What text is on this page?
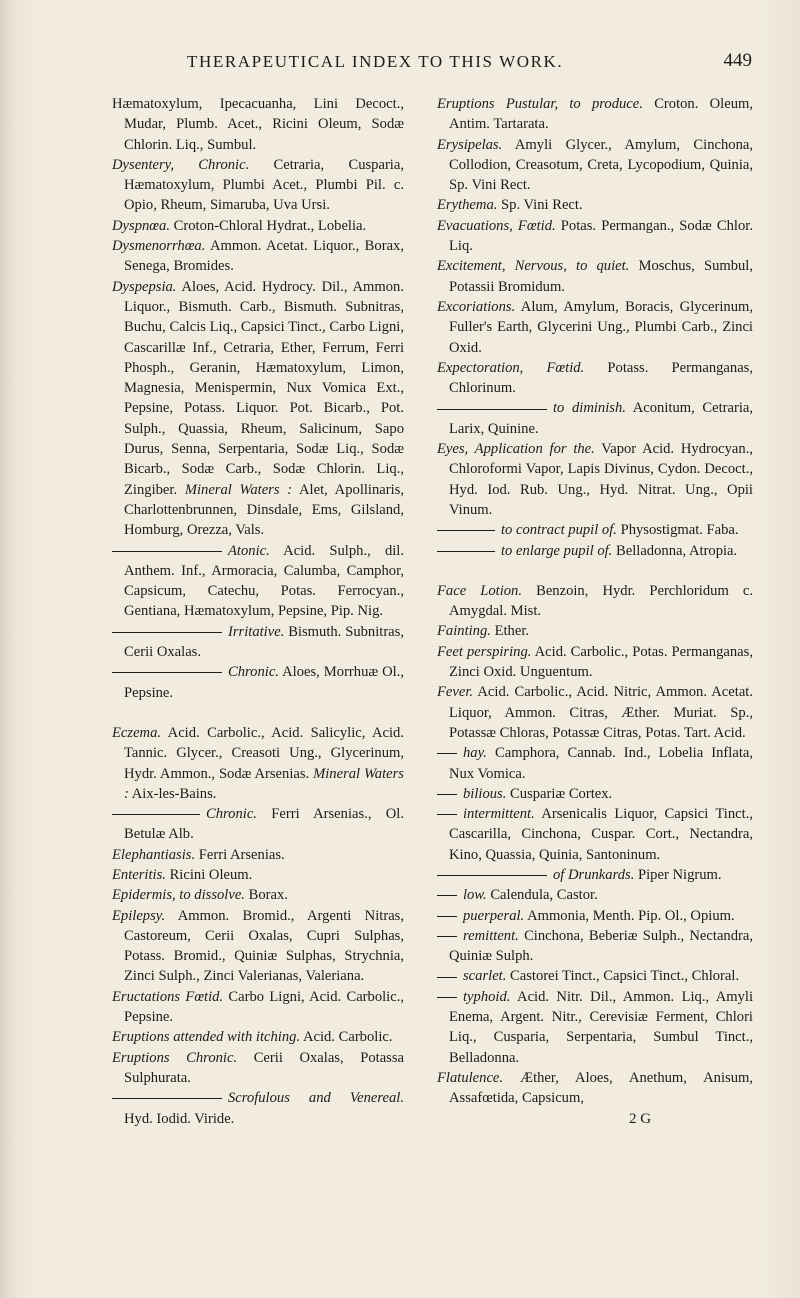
THERAPEUTICAL INDEX TO THIS WORK.	449

Hæmatoxylum, Ipecacuanha, Lini Decoct., Mudar, Plumb. Acet., Ricini Oleum, Sodæ Chlorin. Liq., Sumbul.

Dysentery, Chronic. Cetraria, Cusparia, Hæmatoxylum, Plumbi Acet., Plumbi Pil. c. Opio, Rheum, Simaruba, Uva Ursi.

Dyspnœa. Croton-Chloral Hydrat., Lobelia.

Dysmenorrhœa. Ammon. Acetat. Liquor., Borax, Senega, Bromides.

Dyspepsia. Aloes, Acid. Hydrocy. Dil., Ammon. Liquor., Bismuth. Carb., Bismuth. Subnitras, Buchu, Calcis Liq., Capsici Tinct., Carbo Ligni, Cascarillæ Inf., Cetraria, Ether, Ferrum, Ferri Phosph., Geranin, Hæmatoxylum, Limon, Magnesia, Menispermin, Nux Vomica Ext., Pepsine, Potass. Liquor. Pot. Bicarb., Pot. Sulph., Quassia, Rheum, Salicinum, Sapo Durus, Senna, Serpentaria, Sodæ Liq., Sodæ Bicarb., Sodæ Carb., Sodæ Chlorin. Liq., Zingiber. Mineral Waters : Alet, Apollinaris, Charlottenbrunnen, Dinsdale, Ems, Gilsland, Homburg, Orezza, Vals.

Atonic. Acid. Sulph., dil. Anthem. Inf., Armoracia, Calumba, Camphor, Capsicum, Catechu, Potas. Ferrocyan., Gentiana, Hæmatoxylum, Pepsine, Pip. Nig.

Irritative. Bismuth. Subnitras, Cerii Oxalas.

Chronic. Aloes, Morrhuæ Ol., Pepsine.

Eczema. Acid. Carbolic., Acid. Salicylic, Acid. Tannic. Glycer., Creasoti Ung., Glycerinum, Hydr. Ammon., Sodæ Arsenias. Mineral Waters : Aix-les-Bains.

Chronic. Ferri Arsenias., Ol. Betulæ Alb.

Elephantiasis. Ferri Arsenias.

Enteritis. Ricini Oleum.

Epidermis, to dissolve. Borax.

Epilepsy. Ammon. Bromid., Argenti Nitras, Castoreum, Cerii Oxalas, Cupri Sulphas, Potass. Bromid., Quiniæ Sulphas, Strychnia, Zinci Sulph., Zinci Valerianas, Valeriana.

Eructations Fœtid. Carbo Ligni, Acid. Carbolic., Pepsine.

Eruptions attended with itching. Acid. Carbolic.

Eruptions Chronic. Cerii Oxalas, Potassa Sulphurata.

Scrofulous and Venereal. Hyd. Iodid. Viride.

Eruptions Pustular, to produce. Croton. Oleum, Antim. Tartarata.

Erysipelas. Amyli Glycer., Amylum, Cinchona, Collodion, Creasotum, Creta, Lycopodium, Quinia, Sp. Vini Rect.

Erythema. Sp. Vini Rect.

Evacuations, Fœtid. Potas. Permangan., Sodæ Chlor. Liq.

Excitement, Nervous, to quiet. Moschus, Sumbul, Potassii Bromidum.

Excoriations. Alum, Amylum, Boracis, Glycerinum, Fuller's Earth, Glycerini Ung., Plumbi Carb., Zinci Oxid.

Expectoration, Fœtid. Potass. Permanganas, Chlorinum.

to diminish. Aconitum, Cetraria, Larix, Quinine.

Eyes, Application for the. Vapor Acid. Hydrocyan., Chloroformi Vapor, Lapis Divinus, Cydon. Decoct., Hyd. Iod. Rub. Ung., Hyd. Nitrat. Ung., Opii Vinum.

to contract pupil of. Physostigmat. Faba.

to enlarge pupil of. Belladonna, Atropia.

Face Lotion. Benzoin, Hydr. Perchloridum c. Amygdal. Mist.

Fainting. Ether.

Feet perspiring. Acid. Carbolic., Potas. Permanganas, Zinci Oxid. Unguentum.

Fever. Acid. Carbolic., Acid. Nitric, Ammon. Acetat. Liquor, Ammon. Citras, Æther. Muriat. Sp., Potassæ Chloras, Potassæ Citras, Potas. Tart. Acid.

hay. Camphora, Cannab. Ind., Lobelia Inflata, Nux Vomica.

bilious. Cuspariæ Cortex.

intermittent. Arsenicalis Liquor, Capsici Tinct., Cascarilla, Cinchona, Cuspar. Cort., Nectandra, Kino, Quassia, Quinia, Santoninum.

of Drunkards. Piper Nigrum.

low. Calendula, Castor.

puerperal. Ammonia, Menth. Pip. Ol., Opium.

remittent. Cinchona, Beberiæ Sulph., Nectandra, Quiniæ Sulph.

scarlet. Castorei Tinct., Capsici Tinct., Chloral.

typhoid. Acid. Nitr. Dil., Ammon. Liq., Amyli Enema, Argent. Nitr., Cerevisiæ Ferment, Chlori Liq., Cusparia, Serpentaria, Sumbul Tinct., Belladonna.

Flatulence. Æther, Aloes, Anethum, Anisum, Assafœtida, Capsicum,

2 G
